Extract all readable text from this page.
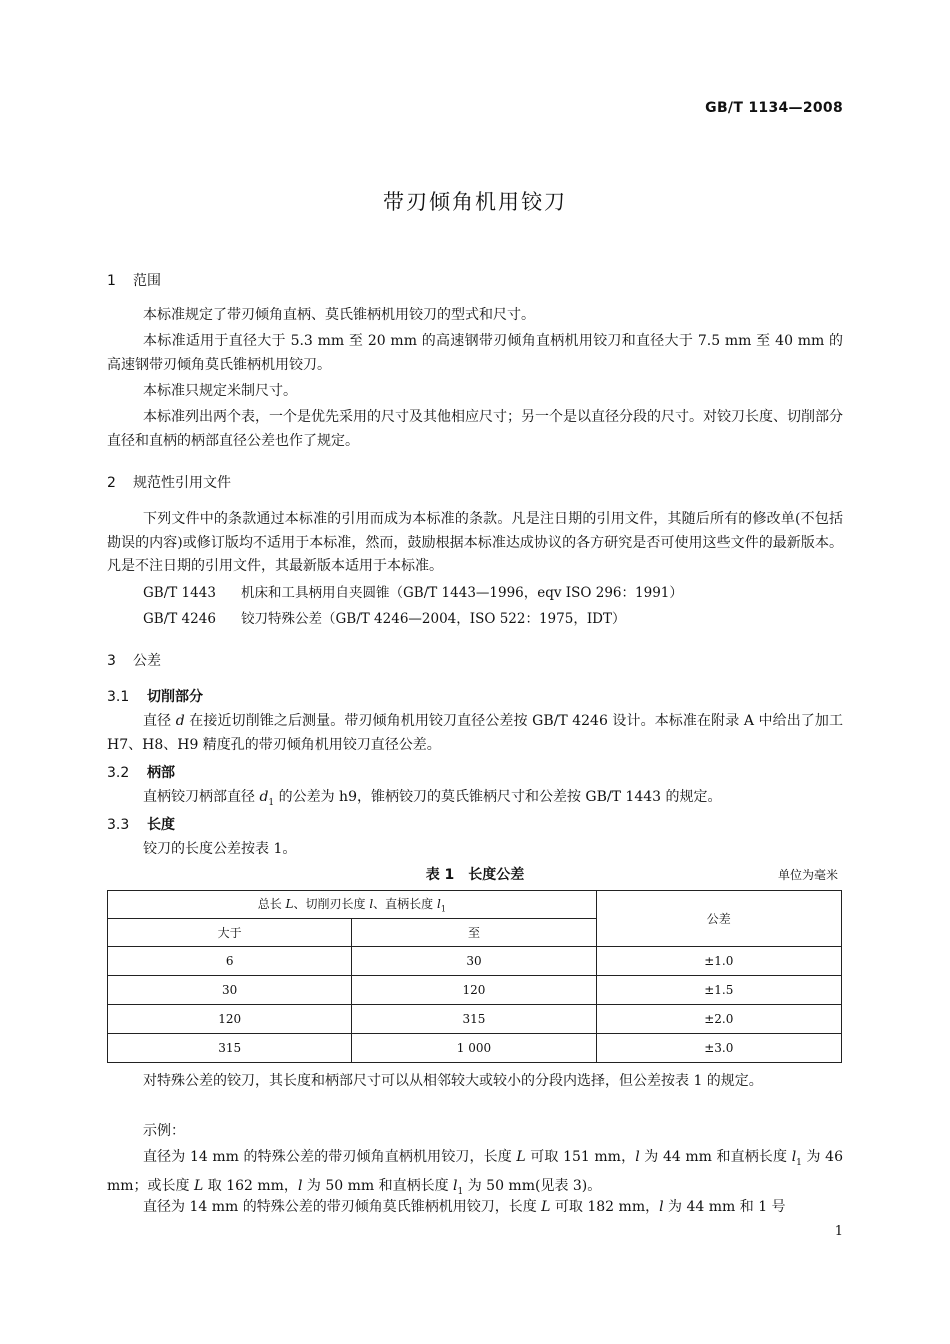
GB/T 1134—2008
带刃倾角机用铰刀
1 范围
本标准规定了带刃倾角直柄、莫氏锥柄机用铰刀的型式和尺寸。
本标准适用于直径大于 5.3 mm 至 20 mm 的高速钢带刃倾角直柄机用铰刀和直径大于 7.5 mm 至 40 mm 的高速钢带刃倾角莫氏锥柄机用铰刀。
本标准只规定米制尺寸。
本标准列出两个表，一个是优先采用的尺寸及其他相应尺寸；另一个是以直径分段的尺寸。对铰刀长度、切削部分直径和直柄的柄部直径公差也作了规定。
2 规范性引用文件
下列文件中的条款通过本标准的引用而成为本标准的条款。凡是注日期的引用文件，其随后所有的修改单(不包括勘误的内容)或修订版均不适用于本标准，然而，鼓励根据本标准达成协议的各方研究是否可使用这些文件的最新版本。凡是不注日期的引用文件，其最新版本适用于本标准。
GB/T 1443 机床和工具柄用自夹圆锥（GB/T 1443—1996，eqv ISO 296：1991）
GB/T 4246 铰刀特殊公差（GB/T 4246—2004，ISO 522：1975，IDT）
3 公差
3.1 切削部分
直径 d 在接近切削锥之后测量。带刃倾角机用铰刀直径公差按 GB/T 4246 设计。本标准在附录 A 中给出了加工 H7、H8、H9 精度孔的带刃倾角机用铰刀直径公差。
3.2 柄部
直柄铰刀柄部直径 $d_1$ 的公差为 h9，锥柄铰刀的莫氏锥柄尺寸和公差按 GB/T 1443 的规定。
3.3 长度
铰刀的长度公差按表 1。
表 1　长度公差	单位为毫米
总长 L、切削刃长度 l、直柄长度 $l_1$		公差
大于	至	
6	30	±1.0
30	120	±1.5
120	315	±2.0
315	1 000	±3.0
对特殊公差的铰刀，其长度和柄部尺寸可以从相邻较大或较小的分段内选择，但公差按表 1 的规定。
示例：
直径为 14 mm 的特殊公差的带刃倾角直柄机用铰刀，长度 L 可取 151 mm，l 为 44 mm 和直柄长度 $l_1$ 为 46 mm；或长度 L 取 162 mm，l 为 50 mm 和直柄长度 $l_1$ 为 50 mm(见表 3)。
直径为 14 mm 的特殊公差的带刃倾角莫氏锥柄机用铰刀，长度 L 可取 182 mm，l 为 44 mm 和 1 号
1
